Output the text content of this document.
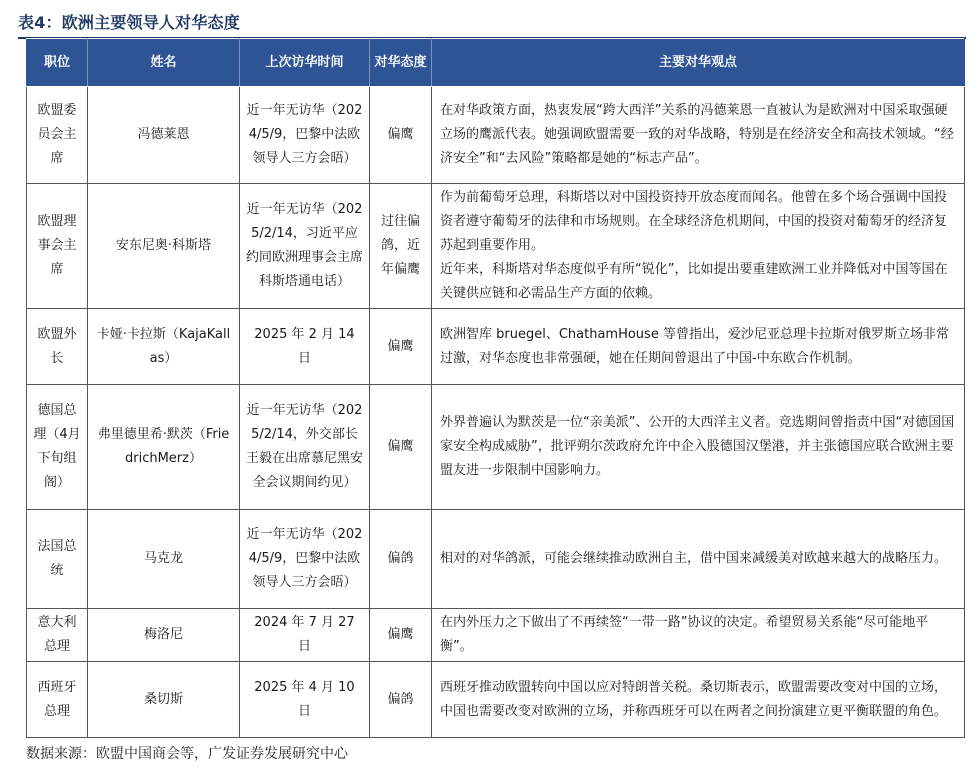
表4：欧洲主要领导人对华态度
职位	姓名	上次访华时间	对华态度	主要对华观点
欧盟委员会主席	冯德莱恩	近一年无访华（2024/5/9，巴黎中法欧领导人三方会晤）	偏鹰	在对华政策方面，热衷发展“跨大西洋”关系的冯德莱恩一直被认为是欧洲对中国采取强硬立场的鹰派代表。她强调欧盟需要一致的对华战略，特别是在经济安全和高技术领域。“经济安全”和“去风险”策略都是她的“标志产品”。

欧盟理事会主席	安东尼奥·科斯塔	近一年无访华（2025/2/14，习近平应约同欧洲理事会主席科斯塔通电话）	过往偏鸽，近年偏鹰	作为前葡萄牙总理，科斯塔以对中国投资持开放态度而闻名。他曾在多个场合强调中国投资者遵守葡萄牙的法律和市场规则。在全球经济危机期间，中国的投资对葡萄牙的经济复苏起到重要作用。

近年来，科斯塔对华态度似乎有所“锐化”，比如提出要重建欧洲工业并降低对中国等国在关键供应链和必需品生产方面的依赖。

欧盟外长	卡娅·卡拉斯（KajaKallas）	2025 年 2 月 14 日	偏鹰	欧洲智库 bruegel、ChathamHouse 等曾指出，爱沙尼亚总理卡拉斯对俄罗斯立场非常过激，对华态度也非常强硬，她在任期间曾退出了中国-中东欧合作机制。

德国总理（4月下旬组阁）	弗里德里希·默茨（FriedrichMerz）	近一年无访华（2025/2/14，外交部长王毅在出席慕尼黑安全会议期间约见）	偏鹰	外界普遍认为默茨是一位“亲美派”、公开的大西洋主义者。竞选期间曾指责中国“对德国国家安全构成威胁”，批评朔尔茨政府允许中企入股德国汉堡港，并主张德国应联合欧洲主要盟友进一步限制中国影响力。

法国总统	马克龙	近一年无访华（2024/5/9，巴黎中法欧领导人三方会晤）	偏鸽	相对的对华鸽派，可能会继续推动欧洲自主，借中国来减缓美对欧越来越大的战略压力。

意大利总理	梅洛尼	2024 年 7 月 27 日	偏鹰	在内外压力之下做出了不再续签“一带一路”协议的决定。希望贸易关系能“尽可能地平衡”。

西班牙总理	桑切斯	2025 年 4 月 10 日	偏鸽	西班牙推动欧盟转向中国以应对特朗普关税。桑切斯表示，欧盟需要改变对中国的立场，中国也需要改变对欧洲的立场，并称西班牙可以在两者之间扮演建立更平衡联盟的角色。

数据来源：欧盟中国商会等，广发证券发展研究中心
